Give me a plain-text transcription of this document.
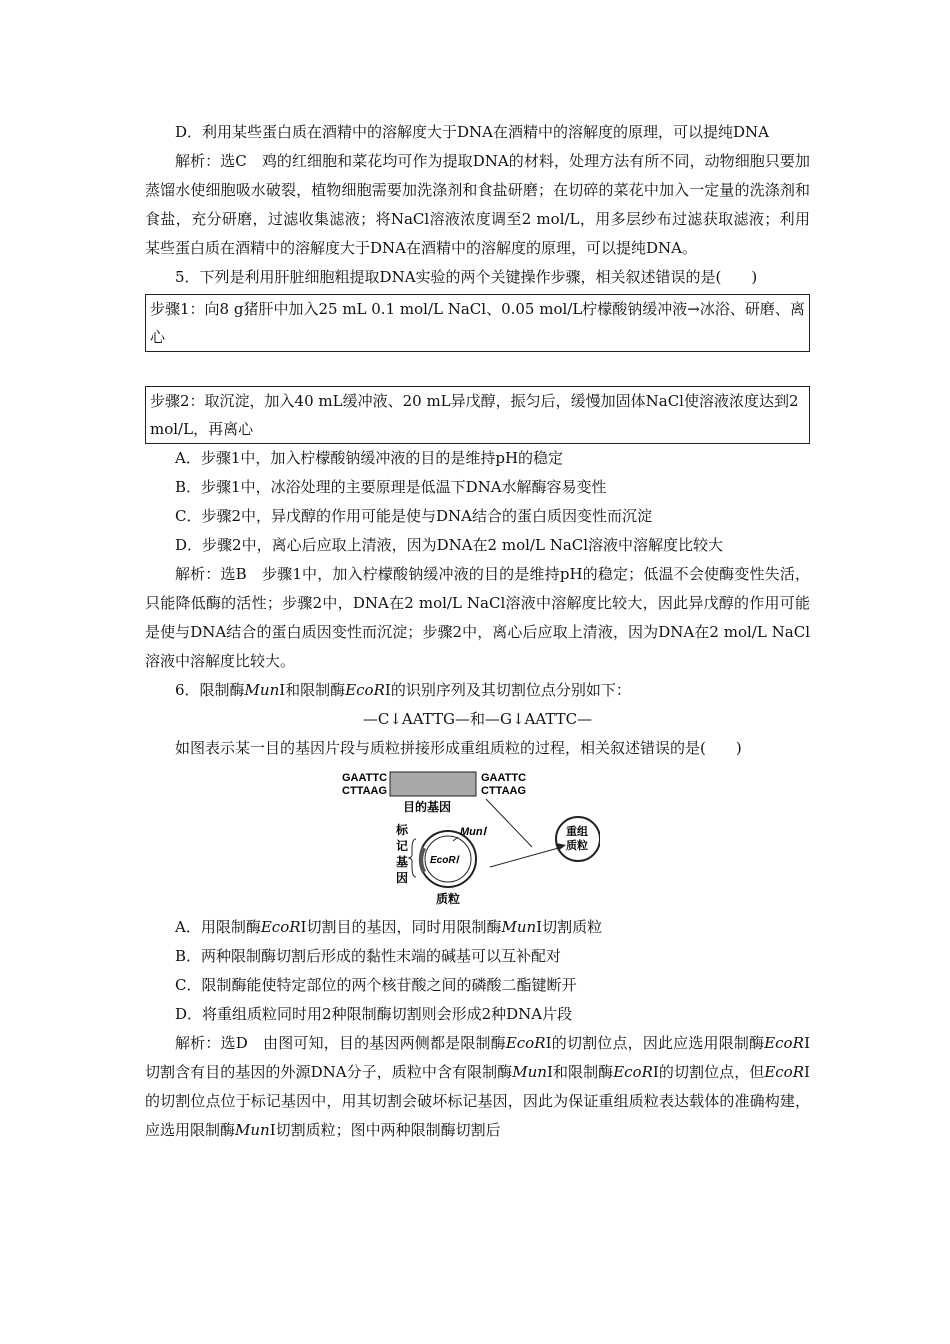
D．利用某些蛋白质在酒精中的溶解度大于DNA在酒精中的溶解度的原理，可以提纯DNA

解析：选C　鸡的红细胞和菜花均可作为提取DNA的材料，处理方法有所不同，动物细胞只要加蒸馏水使细胞吸水破裂，植物细胞需要加洗涤剂和食盐研磨；在切碎的菜花中加入一定量的洗涤剂和食盐，充分研磨，过滤收集滤液；将NaCl溶液浓度调至2 mol/L，用多层纱布过滤获取滤液；利用某些蛋白质在酒精中的溶解度大于DNA在酒精中的溶解度的原理，可以提纯DNA。

5．下列是利用肝脏细胞粗提取DNA实验的两个关键操作步骤，相关叙述错误的是(　　)

步骤1：向8 g猪肝中加入25 mL 0.1 mol/L NaCl、0.05 mol/L柠檬酸钠缓冲液→冰浴、研磨、离心
步骤2：取沉淀，加入40 mL缓冲液、20 mL异戊醇，振匀后，缓慢加固体NaCl使溶液浓度达到2 mol/L，再离心

A．步骤1中，加入柠檬酸钠缓冲液的目的是维持pH的稳定

B．步骤1中，冰浴处理的主要原理是低温下DNA水解酶容易变性

C．步骤2中，异戊醇的作用可能是使与DNA结合的蛋白质因变性而沉淀

D．步骤2中，离心后应取上清液，因为DNA在2 mol/L NaCl溶液中溶解度比较大

解析：选B　步骤1中，加入柠檬酸钠缓冲液的目的是维持pH的稳定；低温不会使酶变性失活，只能降低酶的活性；步骤2中，DNA在2 mol/L NaCl溶液中溶解度比较大，因此异戊醇的作用可能是使与DNA结合的蛋白质因变性而沉淀；步骤2中，离心后应取上清液，因为DNA在2 mol/L NaCl溶液中溶解度比较大。

6．限制酶MunⅠ和限制酶EcoRⅠ的识别序列及其切割位点分别如下：

—C↓AATTG—和—G↓AATTC—

如图表示某一目的基因片段与质粒拼接形成重组质粒的过程，相关叙述错误的是(　　)

GAATTC
CTTAAG
GAATTC
CTTAAG
目的基因
标
记
基
因
EcoRⅠ
MunⅠ
质粒
重组
质粒

A．用限制酶EcoRⅠ切割目的基因，同时用限制酶MunⅠ切割质粒

B．两种限制酶切割后形成的黏性末端的碱基可以互补配对

C．限制酶能使特定部位的两个核苷酸之间的磷酸二酯键断开

D．将重组质粒同时用2种限制酶切割则会形成2种DNA片段

解析：选D　由图可知，目的基因两侧都是限制酶EcoRⅠ的切割位点，因此应选用限制酶EcoRⅠ切割含有目的基因的外源DNA分子，质粒中含有限制酶MunⅠ和限制酶EcoRⅠ的切割位点，但EcoRⅠ的切割位点位于标记基因中，用其切割会破坏标记基因，因此为保证重组质粒表达载体的准确构建，应选用限制酶MunⅠ切割质粒；图中两种限制酶切割后
